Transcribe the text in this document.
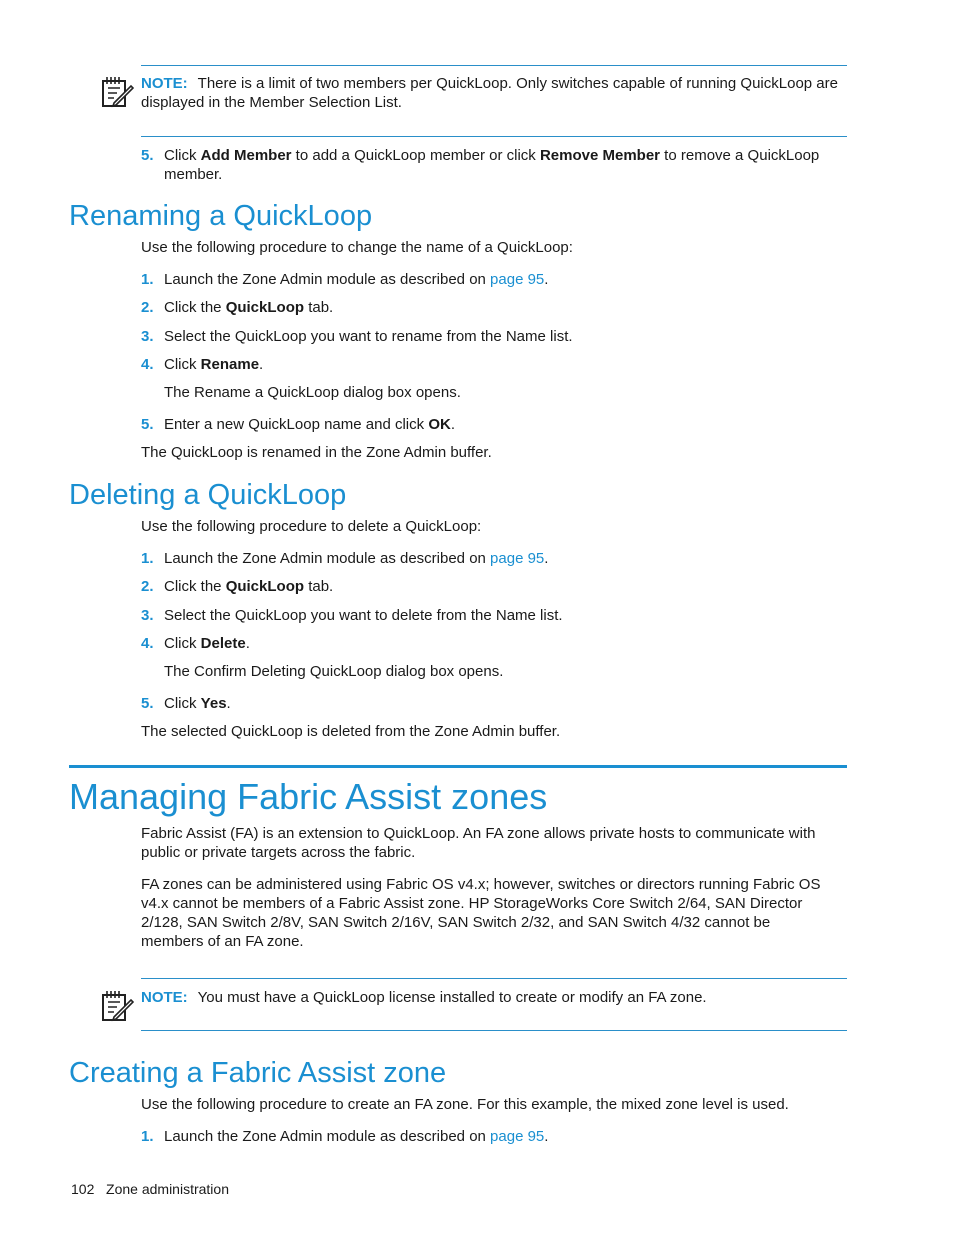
NOTE: There is a limit of two members per QuickLoop. Only switches capable of running QuickLoop are displayed in the Member Selection List.
5. Click Add Member to add a QuickLoop member or click Remove Member to remove a QuickLoop member.
Renaming a QuickLoop
Use the following procedure to change the name of a QuickLoop:
1. Launch the Zone Admin module as described on page 95.
2. Click the QuickLoop tab.
3. Select the QuickLoop you want to rename from the Name list.
4. Click Rename.
The Rename a QuickLoop dialog box opens.
5. Enter a new QuickLoop name and click OK.
The QuickLoop is renamed in the Zone Admin buffer.
Deleting a QuickLoop
Use the following procedure to delete a QuickLoop:
1. Launch the Zone Admin module as described on page 95.
2. Click the QuickLoop tab.
3. Select the QuickLoop you want to delete from the Name list.
4. Click Delete.
The Confirm Deleting QuickLoop dialog box opens.
5. Click Yes.
The selected QuickLoop is deleted from the Zone Admin buffer.
Managing Fabric Assist zones
Fabric Assist (FA) is an extension to QuickLoop. An FA zone allows private hosts to communicate with public or private targets across the fabric.
FA zones can be administered using Fabric OS v4.x; however, switches or directors running Fabric OS v4.x cannot be members of a Fabric Assist zone. HP StorageWorks Core Switch 2/64, SAN Director 2/128, SAN Switch 2/8V, SAN Switch 2/16V, SAN Switch 2/32, and SAN Switch 4/32 cannot be members of an FA zone.
NOTE: You must have a QuickLoop license installed to create or modify an FA zone.
Creating a Fabric Assist zone
Use the following procedure to create an FA zone. For this example, the mixed zone level is used.
1. Launch the Zone Admin module as described on page 95.
102 Zone administration
